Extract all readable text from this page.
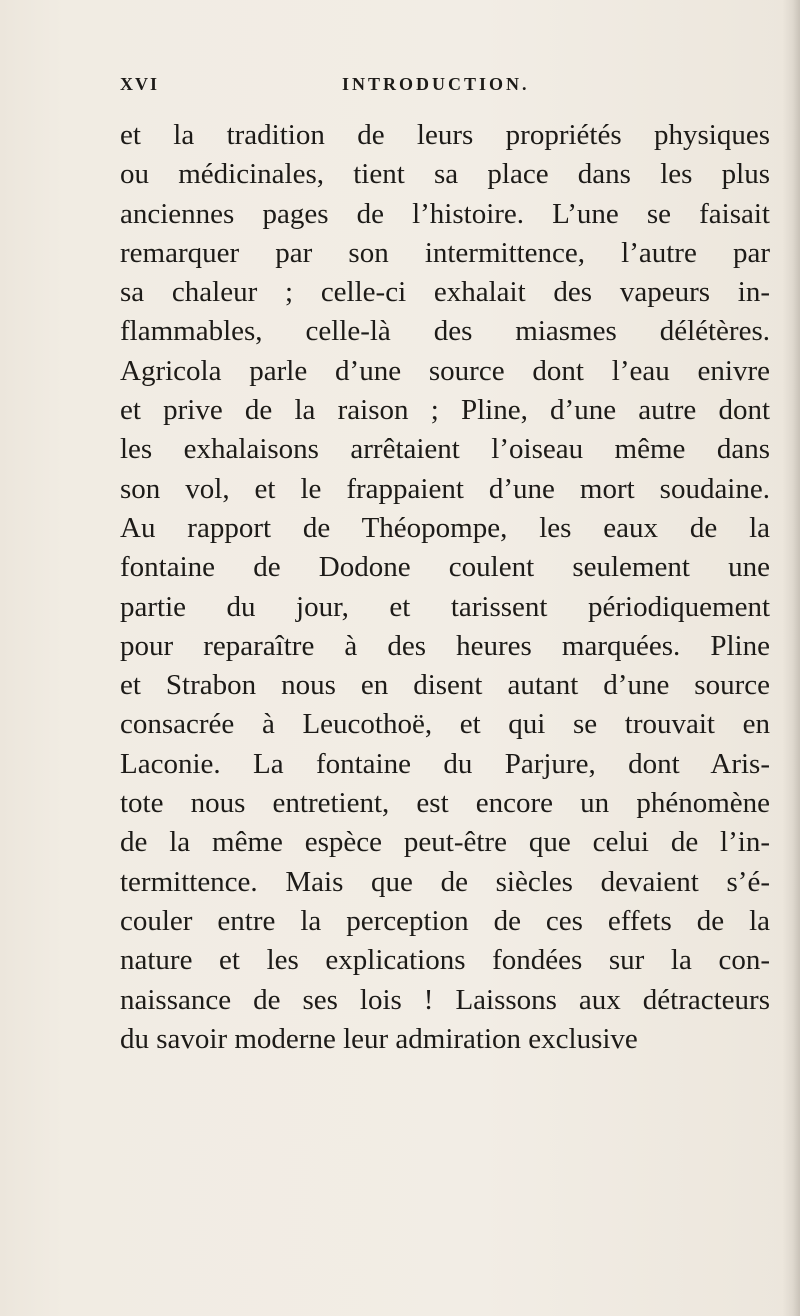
XVI	INTRODUCTION.
et la tradition de leurs propriétés physiques
ou médicinales, tient sa place dans les plus
anciennes pages de l’histoire. L’une se faisait
remarquer par son intermittence, l’autre par
sa chaleur ; celle-ci exhalait des vapeurs in-
flammables, celle-là des miasmes délétères.
Agricola parle d’une source dont l’eau enivre
et prive de la raison ; Pline, d’une autre dont
les exhalaisons arrêtaient l’oiseau même dans
son vol, et le frappaient d’une mort soudaine.
Au rapport de Théopompe, les eaux de la
fontaine de Dodone coulent seulement une
partie du jour, et tarissent périodiquement
pour reparaître à des heures marquées. Pline
et Strabon nous en disent autant d’une source
consacrée à Leucothoë, et qui se trouvait en
Laconie. La fontaine du Parjure, dont Aris-
tote nous entretient, est encore un phénomène
de la même espèce peut-être que celui de l’in-
termittence. Mais que de siècles devaient s’é-
couler entre la perception de ces effets de la
nature et les explications fondées sur la con-
naissance de ses lois ! Laissons aux détracteurs
du savoir moderne leur admiration exclusive
